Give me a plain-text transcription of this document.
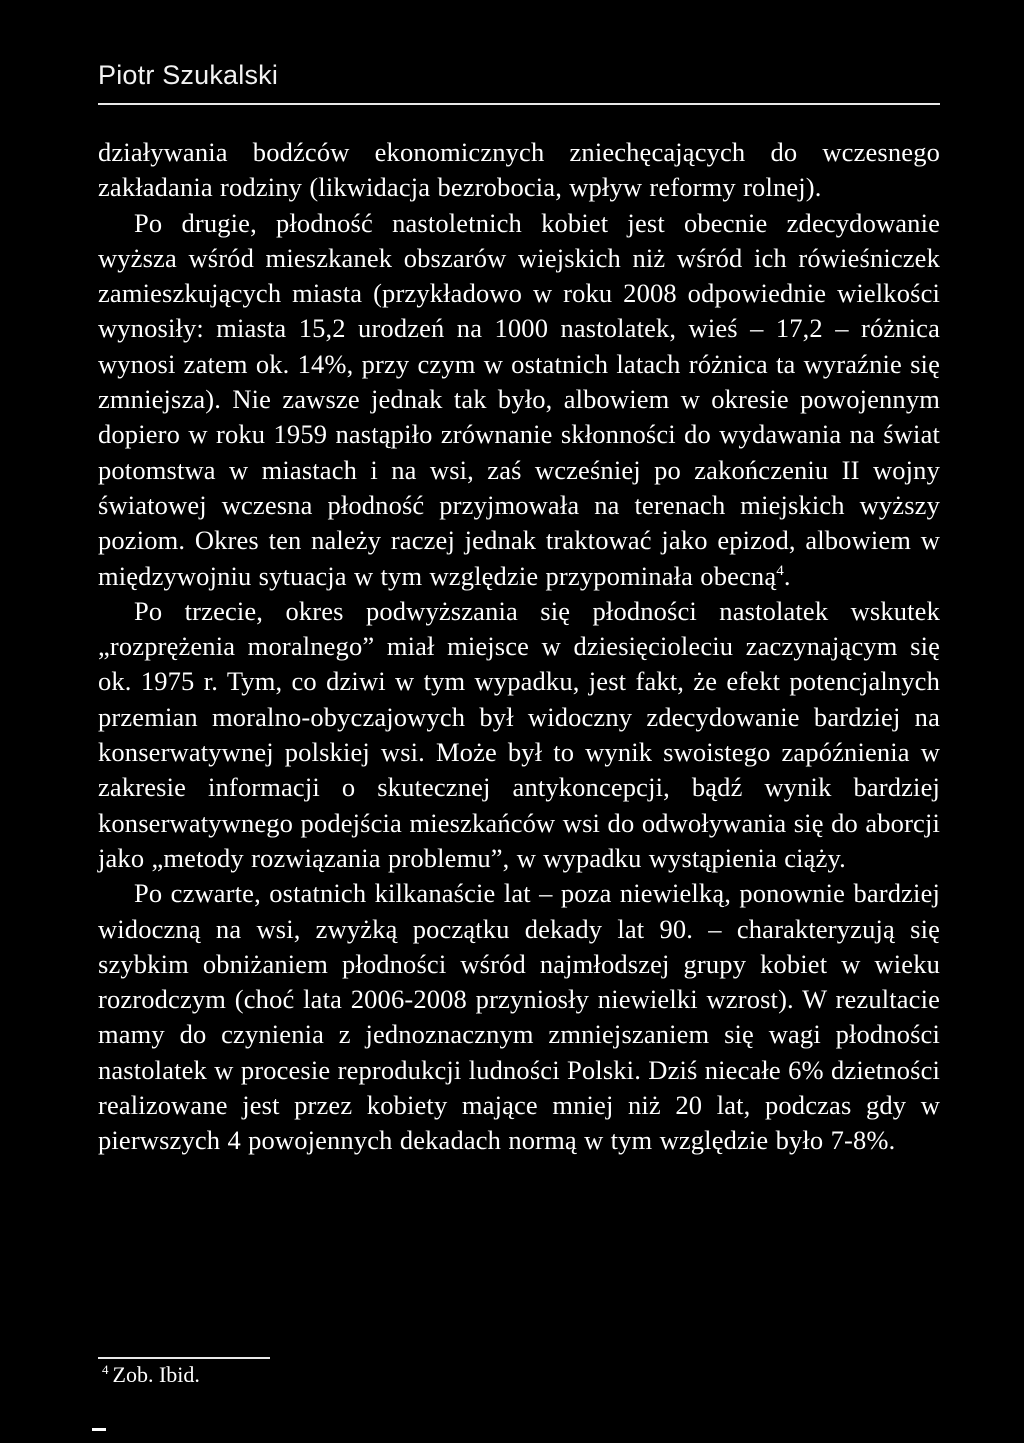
Piotr Szukalski

działywania bodźców ekonomicznych zniechęcających do wczesnego zakładania rodziny (likwidacja bezrobocia, wpływ reformy rolnej).

Po drugie, płodność nastoletnich kobiet jest obecnie zdecydowanie wyższa wśród mieszkanek obszarów wiejskich niż wśród ich rówieśniczek zamieszkujących miasta (przykładowo w roku 2008 odpowiednie wielkości wynosiły: miasta 15,2 urodzeń na 1000 nastolatek, wieś – 17,2 – różnica wynosi zatem ok. 14%, przy czym w ostatnich latach różnica ta wyraźnie się zmniejsza). Nie zawsze jednak tak było, albowiem w okresie powojennym dopiero w roku 1959 nastąpiło zrównanie skłonności do wydawania na świat potomstwa w miastach i na wsi, zaś wcześniej po zakończeniu II wojny światowej wczesna płodność przyjmowała na terenach miejskich wyższy poziom. Okres ten należy raczej jednak traktować jako epizod, albowiem w międzywojniu sytuacja w tym względzie przypominała obecną$^4$.

Po trzecie, okres podwyższania się płodności nastolatek wskutek „rozprężenia moralnego” miał miejsce w dziesięcioleciu zaczynającym się ok. 1975 r. Tym, co dziwi w tym wypadku, jest fakt, że efekt potencjalnych przemian moralno-obyczajowych był widoczny zdecydowanie bardziej na konserwatywnej polskiej wsi. Może był to wynik swoistego zapóźnienia w zakresie informacji o skutecznej antykoncepcji, bądź wynik bardziej konserwatywnego podejścia mieszkańców wsi do odwoływania się do aborcji jako „metody rozwiązania problemu”, w wypadku wystąpienia ciąży.

Po czwarte, ostatnich kilkanaście lat – poza niewielką, ponownie bardziej widoczną na wsi, zwyżką początku dekady lat 90. – charakteryzują się szybkim obniżaniem płodności wśród najmłodszej grupy kobiet w wieku rozrodczym (choć lata 2006-2008 przyniosły niewielki wzrost). W rezultacie mamy do czynienia z jednoznacznym zmniejszaniem się wagi płodności nastolatek w procesie reprodukcji ludności Polski. Dziś niecałe 6% dzietności realizowane jest przez kobiety mające mniej niż 20 lat, podczas gdy w pierwszych 4 powojennych dekadach normą w tym względzie było 7-8%.

$^4$ Zob. Ibid.
